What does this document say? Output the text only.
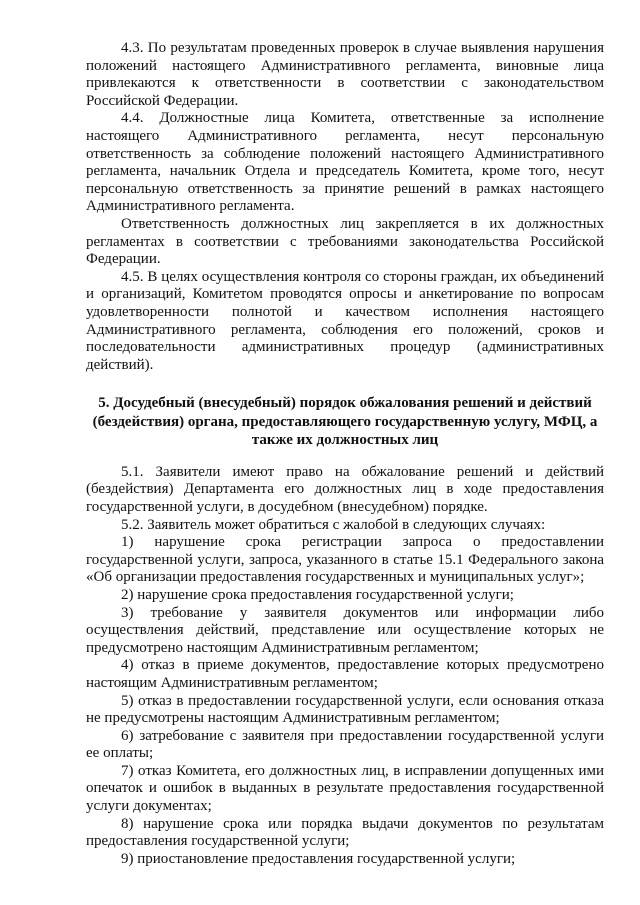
4.3. По результатам проведенных проверок в случае выявления нарушения положений настоящего Административного регламента, виновные лица привлекаются к ответственности в соответствии с законодательством Российской Федерации.

4.4. Должностные лица Комитета, ответственные за исполнение настоящего Административного регламента, несут персональную ответственность за соблюдение положений настоящего Административного регламента, начальник Отдела и председатель Комитета, кроме того, несут персональную ответственность за принятие решений в рамках настоящего Административного регламента.

Ответственность должностных лиц закрепляется в их должностных регламентах в соответствии с требованиями законодательства Российской Федерации.

4.5. В целях осуществления контроля со стороны граждан, их объединений и организаций, Комитетом проводятся опросы и анкетирование по вопросам удовлетворенности полнотой и качеством исполнения настоящего Административного регламента, соблюдения его положений, сроков и последовательности административных процедур (административных действий).

5. Досудебный (внесудебный) порядок обжалования решений и действий (бездействия) органа, предоставляющего государственную услугу, МФЦ, а также их должностных лиц

5.1. Заявители имеют право на обжалование решений и действий (бездействия) Департамента его должностных лиц в ходе предоставления государственной услуги, в досудебном (внесудебном) порядке.

5.2. Заявитель может обратиться с жалобой в следующих случаях:

1) нарушение срока регистрации запроса о предоставлении государственной услуги, запроса, указанного в статье 15.1 Федерального закона «Об организации предоставления государственных и муниципальных услуг»;

2) нарушение срока предоставления государственной услуги;

3) требование у заявителя документов или информации либо осуществления действий, представление или осуществление которых не предусмотрено настоящим Административным регламентом;

4) отказ в приеме документов, предоставление которых предусмотрено настоящим Административным регламентом;

5) отказ в предоставлении государственной услуги, если основания отказа не предусмотрены настоящим Административным регламентом;

6) затребование с заявителя при предоставлении государственной услуги ее оплаты;

7) отказ Комитета, его должностных лиц, в исправлении допущенных ими опечаток и ошибок в выданных в результате предоставления государственной услуги документах;

8) нарушение срока или порядка выдачи документов по результатам предоставления государственной услуги;

9) приостановление предоставления государственной услуги;
